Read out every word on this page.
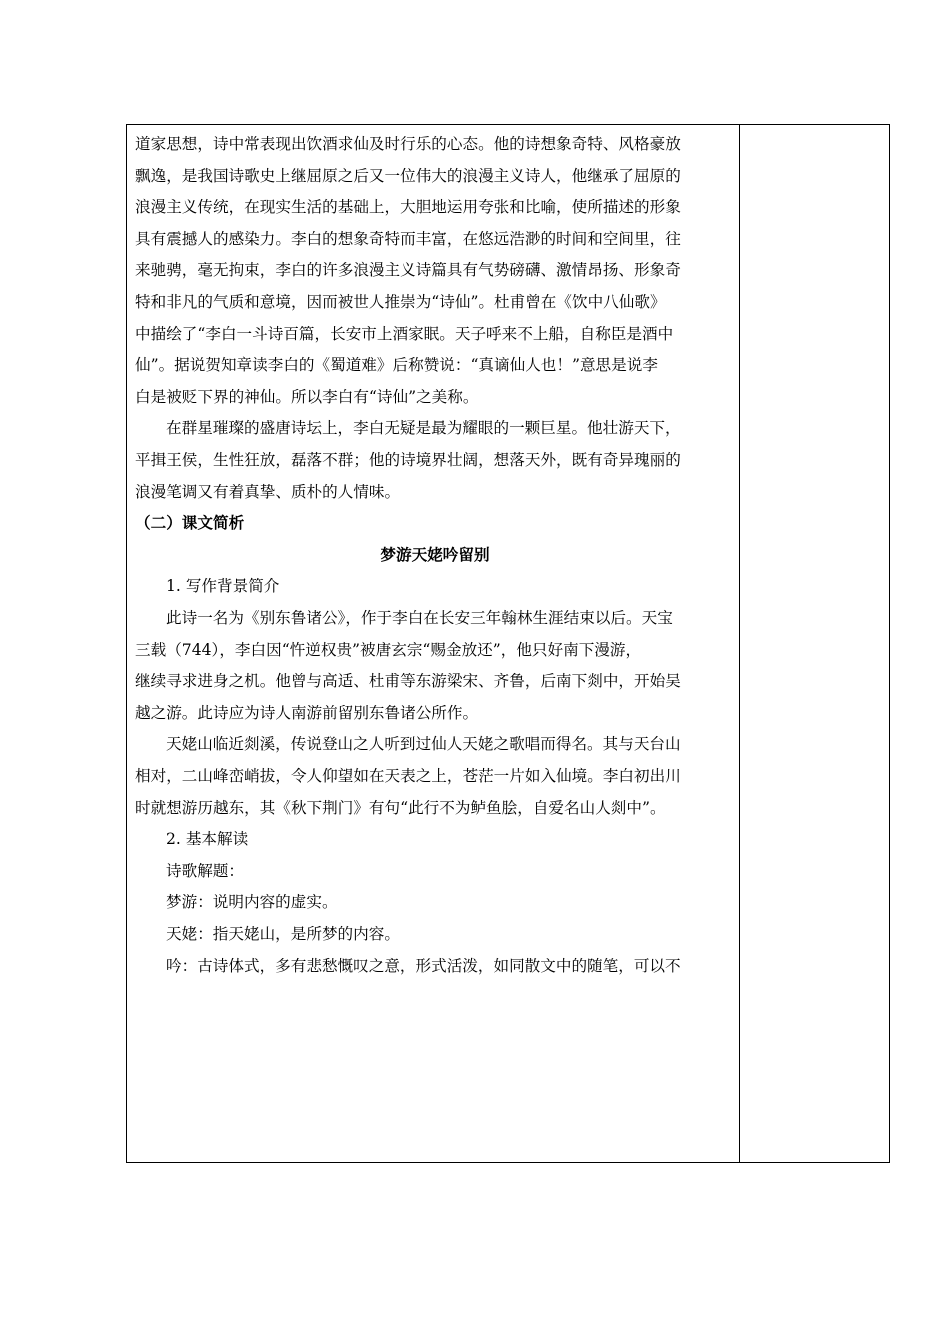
道家思想，诗中常表现出饮酒求仙及时行乐的心态。他的诗想象奇特、风格豪放
飘逸，是我国诗歌史上继屈原之后又一位伟大的浪漫主义诗人，他继承了屈原的
浪漫主义传统，在现实生活的基础上，大胆地运用夸张和比喻，使所描述的形象
具有震撼人的感染力。李白的想象奇特而丰富，在悠远浩渺的时间和空间里，往
来驰骋，毫无拘束，李白的许多浪漫主义诗篇具有气势磅礴、激情昂扬、形象奇
特和非凡的气质和意境，因而被世人推崇为“诗仙”。杜甫曾在《饮中八仙歌》
中描绘了“李白一斗诗百篇，长安市上酒家眠。天子呼来不上船，自称臣是酒中
仙”。据说贺知章读李白的《蜀道难》后称赞说：“真谪仙人也！”意思是说李
白是被贬下界的神仙。所以李白有“诗仙”之美称。
在群星璀璨的盛唐诗坛上，李白无疑是最为耀眼的一颗巨星。他壮游天下，
平揖王侯，生性狂放，磊落不群；他的诗境界壮阔，想落天外，既有奇异瑰丽的
浪漫笔调又有着真挚、质朴的人情味。
（二）课文简析
梦游天姥吟留别
1. 写作背景简介
此诗一名为《别东鲁诸公》，作于李白在长安三年翰林生涯结束以后。天宝
三载（744），李白因“忤逆权贵”被唐玄宗“赐金放还”，他只好南下漫游，
继续寻求进身之机。他曾与高适、杜甫等东游梁宋、齐鲁，后南下剡中，开始吴
越之游。此诗应为诗人南游前留别东鲁诸公所作。
天姥山临近剡溪，传说登山之人听到过仙人天姥之歌唱而得名。其与天台山
相对，二山峰峦峭拔，令人仰望如在天表之上，苍茫一片如入仙境。李白初出川
时就想游历越东，其《秋下荆门》有句“此行不为鲈鱼脍，自爱名山人剡中”。
2. 基本解读
诗歌解题：
梦游：说明内容的虚实。
天姥：指天姥山，是所梦的内容。
吟：古诗体式，多有悲愁慨叹之意，形式活泼，如同散文中的随笔，可以不
